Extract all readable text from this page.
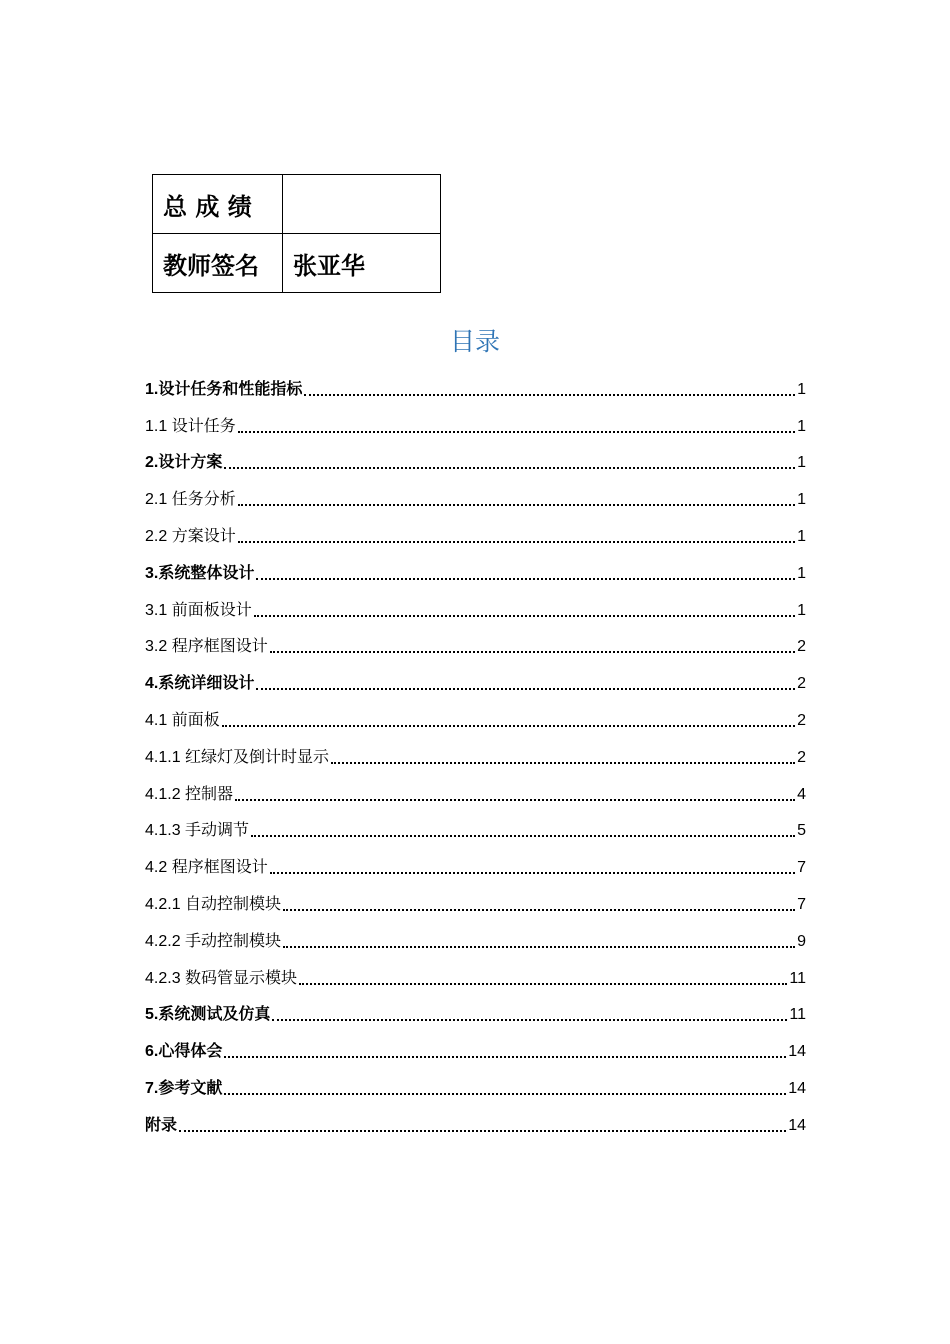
总 成 绩	
教师签名	张亚华
目录
1.设计任务和性能指标	1
1.1 设计任务	1
2.设计方案	1
2.1 任务分析	1
2.2 方案设计	1
3.系统整体设计	1
3.1 前面板设计	1
3.2 程序框图设计	2
4.系统详细设计	2
4.1 前面板	2
4.1.1 红绿灯及倒计时显示	2
4.1.2 控制器	4
4.1.3 手动调节	5
4.2 程序框图设计	7
4.2.1 自动控制模块	7
4.2.2 手动控制模块	9
4.2.3 数码管显示模块	11
5.系统测试及仿真	11
6.心得体会	14
7.参考文献	14
附录	14
